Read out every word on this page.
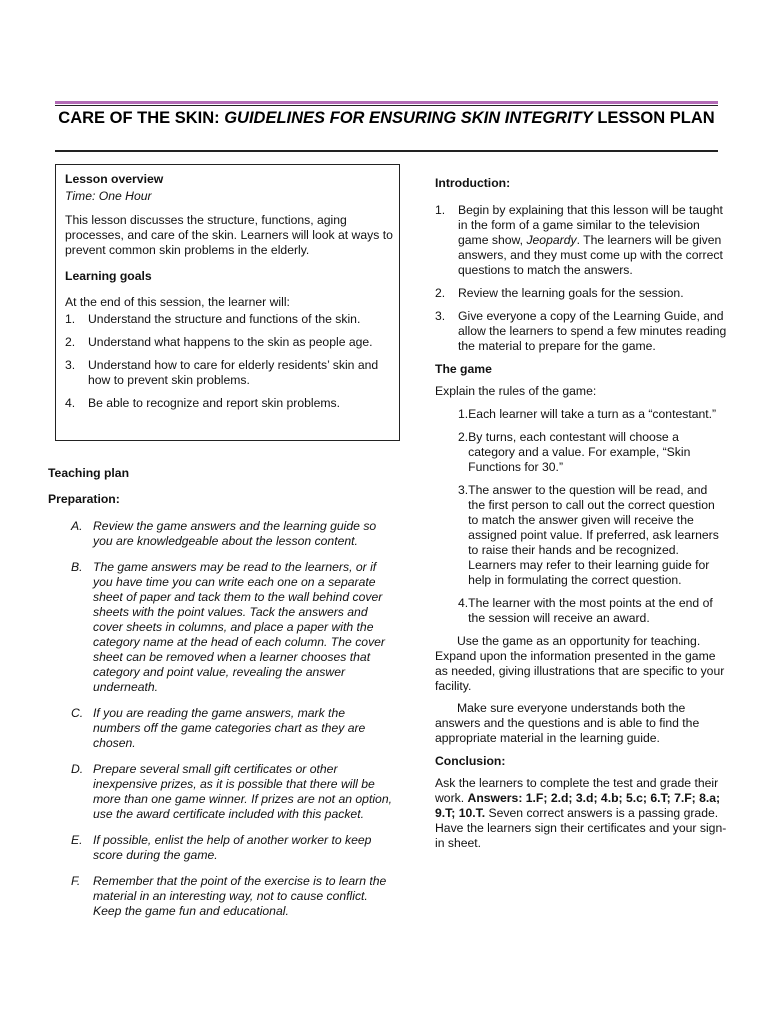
CARE OF THE SKIN: GUIDELINES FOR ENSURING SKIN INTEGRITY LESSON PLAN

Lesson overview

Time: One Hour

This lesson discusses the structure, functions, aging processes, and care of the skin. Learners will look at ways to prevent common skin problems in the elderly.

Learning goals

At the end of this session, the learner will:

1.	Understand the structure and functions of the skin.
2.	Understand what happens to the skin as people age.
3.	Understand how to care for elderly residents’ skin and how to prevent skin problems.
4.	Be able to recognize and report skin problems.

Teaching plan

Preparation:

A. Review the game answers and the learning guide so you are knowledgeable about the lesson content.
B. The game answers may be read to the learners, or if you have time you can write each one on a separate sheet of paper and tack them to the wall behind cover sheets with the point values. Tack the answers and cover sheets in columns, and place a paper with the category name at the head of each column. The cover sheet can be removed when a learner chooses that category and point value, revealing the answer underneath.
C. If you are reading the game answers, mark the numbers off the game categories chart as they are chosen.
D. Prepare several small gift certificates or other inexpensive prizes, as it is possible that there will be more than one game winner. If prizes are not an option, use the award certificate included with this packet.
E. If possible, enlist the help of another worker to keep score during the game.
F.	Remember that the point of the exercise is to learn the material in an interesting way, not to cause conflict. Keep the game fun and educational.

Introduction:

1.	Begin by explaining that this lesson will be taught in the form of a game similar to the television game show, Jeopardy. The learners will be given answers, and they must come up with the correct questions to match the answers.
2.	Review the learning goals for the session.
3.	Give everyone a copy of the Learning Guide, and allow the learners to spend a few minutes reading the material to prepare for the game.

The game

Explain the rules of the game:

1. Each learner will take a turn as a “contestant.”
2. By turns, each contestant will choose a category and a value. For example, “Skin Functions for 30.”
3. The answer to the question will be read, and the first person to call out the correct question to match the answer given will receive the assigned point value. If preferred, ask learners to raise their hands and be recognized. Learners may refer to their learning guide for help in formulating the correct question.
4. The learner with the most points at the end of the session will receive an award.

Use the game as an opportunity for teaching. Expand upon the information presented in the game as needed, giving illustrations that are specific to your facility.

Make sure everyone understands both the answers and the questions and is able to find the appropriate material in the learning guide.

Conclusion:

Ask the learners to complete the test and grade their work. Answers: 1.F; 2.d; 3.d; 4.b; 5.c; 6.T; 7.F; 8.a; 9.T; 10.T. Seven correct answers is a passing grade. Have the learners sign their certificates and your sign-in sheet.
